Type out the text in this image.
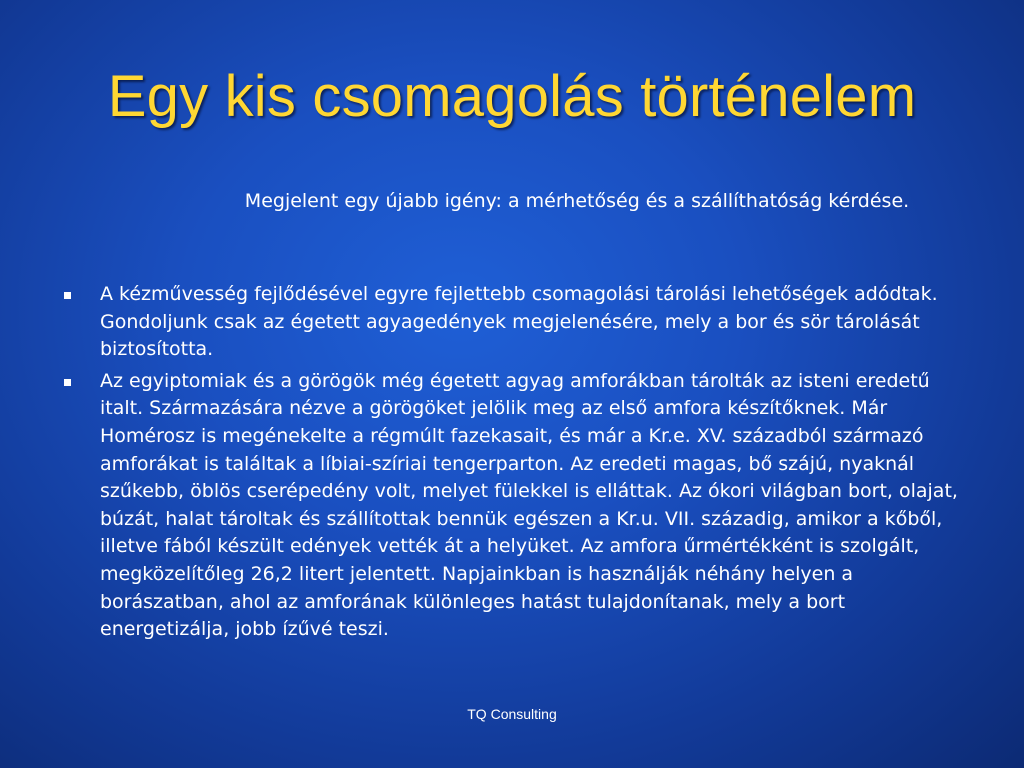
Egy kis csomagolás történelem
Megjelent egy újabb igény: a mérhetőség és a szállíthatóság kérdése.
A kézművesség fejlődésével egyre fejlettebb csomagolási tárolási lehetőségek adódtak. Gondoljunk csak az égetett agyagedények megjelenésére, mely a bor és sör tárolását biztosította.
Az egyiptomiak és a görögök még égetett agyag amforákban tárolták az isteni eredetű italt. Származására nézve a görögöket jelölik meg az első amfora készítőknek. Már Homérosz is megénekelte a régmúlt fazekasait, és már a Kr.e. XV. századból származó amforákat is találtak a líbiai-szíriai tengerparton. Az eredeti magas, bő szájú, nyaknál szűkebb, öblös cserépedény volt, melyet fülekkel is elláttak. Az ókori világban bort, olajat, búzát, halat tároltak és szállítottak bennük egészen a Kr.u. VII. századig, amikor a kőből, illetve fából készült edények vették át a helyüket. Az amfora űrmértékként is szolgált, megközelítőleg 26,2 litert jelentett. Napjainkban is használják néhány helyen a borászatban, ahol az amforának különleges hatást tulajdonítanak, mely a bort energetizálja, jobb ízűvé teszi.
TQ Consulting
